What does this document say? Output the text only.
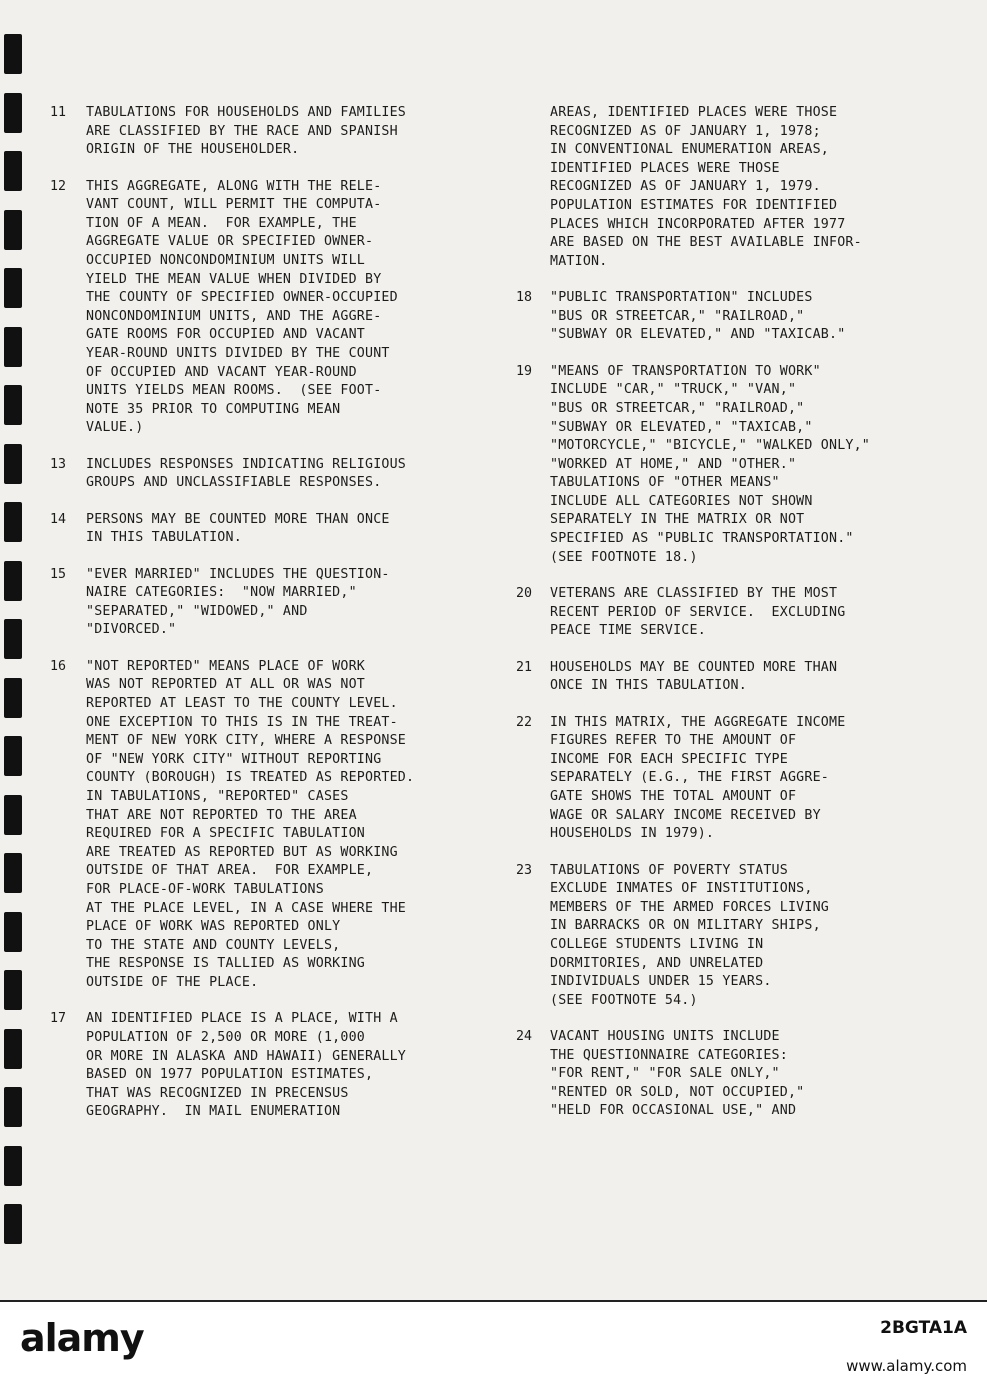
11	TABULATIONS FOR HOUSEHOLDS AND FAMILIES
ARE CLASSIFIED BY THE RACE AND SPANISH
ORIGIN OF THE HOUSEHOLDER.
12	THIS AGGREGATE, ALONG WITH THE RELE-
VANT COUNT, WILL PERMIT THE COMPUTA-
TION OF A MEAN.  FOR EXAMPLE, THE
AGGREGATE VALUE OR SPECIFIED OWNER-
OCCUPIED NONCONDOMINIUM UNITS WILL
YIELD THE MEAN VALUE WHEN DIVIDED BY
THE COUNTY OF SPECIFIED OWNER-OCCUPIED
NONCONDOMINIUM UNITS, AND THE AGGRE-
GATE ROOMS FOR OCCUPIED AND VACANT
YEAR-ROUND UNITS DIVIDED BY THE COUNT
OF OCCUPIED AND VACANT YEAR-ROUND
UNITS YIELDS MEAN ROOMS.  (SEE FOOT-
NOTE 35 PRIOR TO COMPUTING MEAN
VALUE.)
13	INCLUDES RESPONSES INDICATING RELIGIOUS
GROUPS AND UNCLASSIFIABLE RESPONSES.
14	PERSONS MAY BE COUNTED MORE THAN ONCE
IN THIS TABULATION.
15	"EVER MARRIED" INCLUDES THE QUESTION-
NAIRE CATEGORIES:  "NOW MARRIED,"
"SEPARATED," "WIDOWED," AND
"DIVORCED."
16	"NOT REPORTED" MEANS PLACE OF WORK
WAS NOT REPORTED AT ALL OR WAS NOT
REPORTED AT LEAST TO THE COUNTY LEVEL.
ONE EXCEPTION TO THIS IS IN THE TREAT-
MENT OF NEW YORK CITY, WHERE A RESPONSE
OF "NEW YORK CITY" WITHOUT REPORTING
COUNTY (BOROUGH) IS TREATED AS REPORTED.
IN TABULATIONS, "REPORTED" CASES
THAT ARE NOT REPORTED TO THE AREA
REQUIRED FOR A SPECIFIC TABULATION
ARE TREATED AS REPORTED BUT AS WORKING
OUTSIDE OF THAT AREA.  FOR EXAMPLE,
FOR PLACE-OF-WORK TABULATIONS
AT THE PLACE LEVEL, IN A CASE WHERE THE
PLACE OF WORK WAS REPORTED ONLY
TO THE STATE AND COUNTY LEVELS,
THE RESPONSE IS TALLIED AS WORKING
OUTSIDE OF THE PLACE.
17	AN IDENTIFIED PLACE IS A PLACE, WITH A
POPULATION OF 2,500 OR MORE (1,000
OR MORE IN ALASKA AND HAWAII) GENERALLY
BASED ON 1977 POPULATION ESTIMATES,
THAT WAS RECOGNIZED IN PRECENSUS
GEOGRAPHY.  IN MAIL ENUMERATION
AREAS, IDENTIFIED PLACES WERE THOSE
RECOGNIZED AS OF JANUARY 1, 1978;
IN CONVENTIONAL ENUMERATION AREAS,
IDENTIFIED PLACES WERE THOSE
RECOGNIZED AS OF JANUARY 1, 1979.
POPULATION ESTIMATES FOR IDENTIFIED
PLACES WHICH INCORPORATED AFTER 1977
ARE BASED ON THE BEST AVAILABLE INFOR-
MATION.
18	"PUBLIC TRANSPORTATION" INCLUDES
"BUS OR STREETCAR," "RAILROAD,"
"SUBWAY OR ELEVATED," AND "TAXICAB."
19	"MEANS OF TRANSPORTATION TO WORK"
INCLUDE "CAR," "TRUCK," "VAN,"
"BUS OR STREETCAR," "RAILROAD,"
"SUBWAY OR ELEVATED," "TAXICAB,"
"MOTORCYCLE," "BICYCLE," "WALKED ONLY,"
"WORKED AT HOME," AND "OTHER."
TABULATIONS OF "OTHER MEANS"
INCLUDE ALL CATEGORIES NOT SHOWN
SEPARATELY IN THE MATRIX OR NOT
SPECIFIED AS "PUBLIC TRANSPORTATION."
(SEE FOOTNOTE 18.)
20	VETERANS ARE CLASSIFIED BY THE MOST
RECENT PERIOD OF SERVICE.  EXCLUDING
PEACE TIME SERVICE.
21	HOUSEHOLDS MAY BE COUNTED MORE THAN
ONCE IN THIS TABULATION.
22	IN THIS MATRIX, THE AGGREGATE INCOME
FIGURES REFER TO THE AMOUNT OF
INCOME FOR EACH SPECIFIC TYPE
SEPARATELY (E.G., THE FIRST AGGRE-
GATE SHOWS THE TOTAL AMOUNT OF
WAGE OR SALARY INCOME RECEIVED BY
HOUSEHOLDS IN 1979).
23	TABULATIONS OF POVERTY STATUS
EXCLUDE INMATES OF INSTITUTIONS,
MEMBERS OF THE ARMED FORCES LIVING
IN BARRACKS OR ON MILITARY SHIPS,
COLLEGE STUDENTS LIVING IN
DORMITORIES, AND UNRELATED
INDIVIDUALS UNDER 15 YEARS.
(SEE FOOTNOTE 54.)
24	VACANT HOUSING UNITS INCLUDE
THE QUESTIONNAIRE CATEGORIES:
"FOR RENT," "FOR SALE ONLY,"
"RENTED OR SOLD, NOT OCCUPIED,"
"HELD FOR OCCASIONAL USE," AND
alamy	2BGTA1A
www.alamy.com
